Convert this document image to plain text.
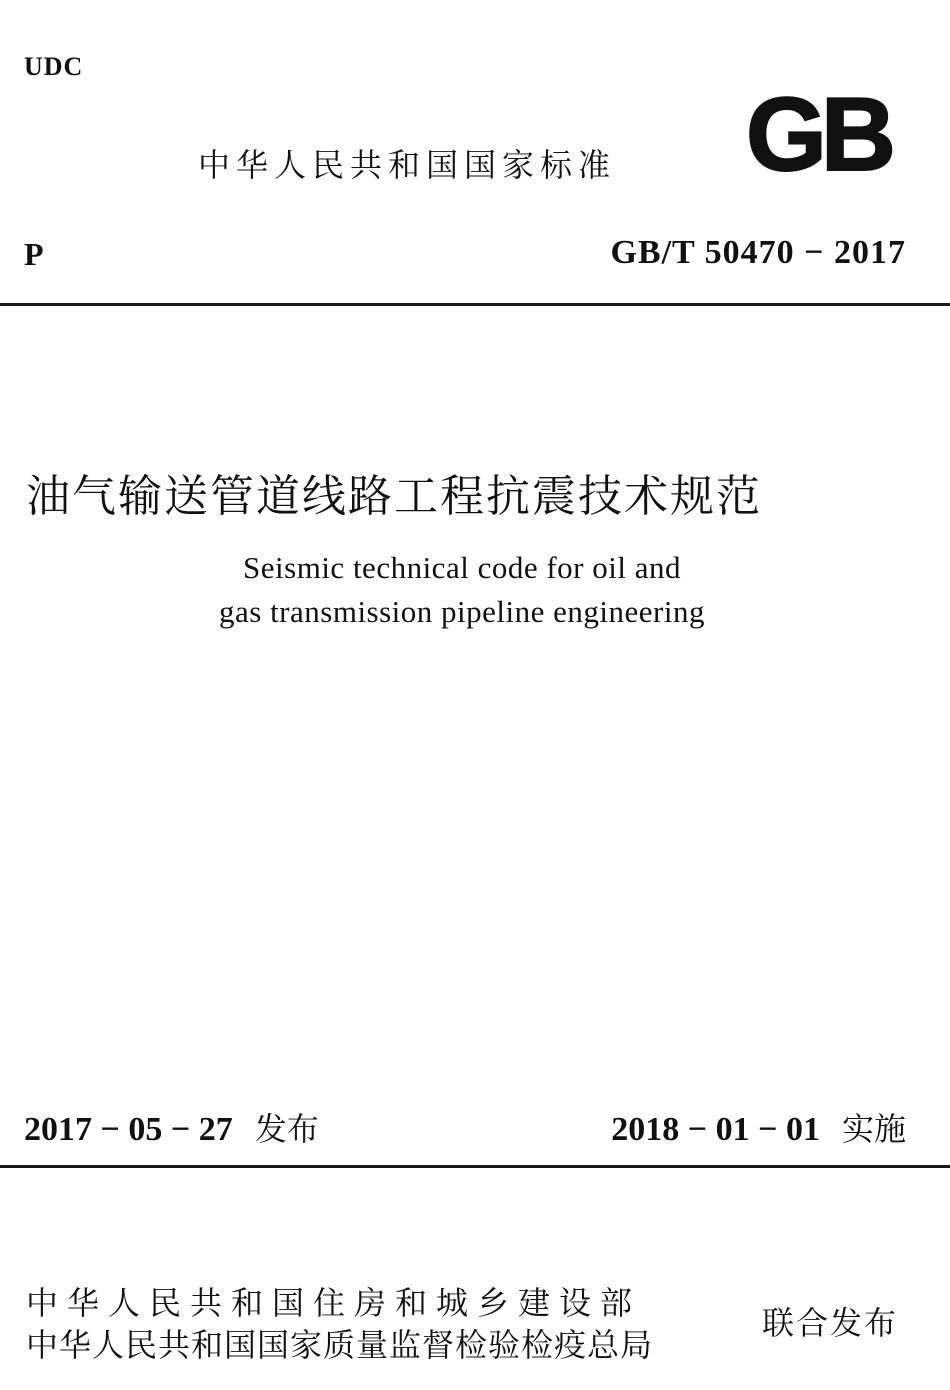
UDC
中华人民共和国国家标准 GB
P	GB/T 50470 − 2017
油气输送管道线路工程抗震技术规范
Seismic technical code for oil and
gas transmission pipeline engineering
2017 − 05 − 27 发布	2018 − 01 − 01 实施
中华人民共和国住房和城乡建设部
中华人民共和国国家质量监督检验检疫总局
联合发布
